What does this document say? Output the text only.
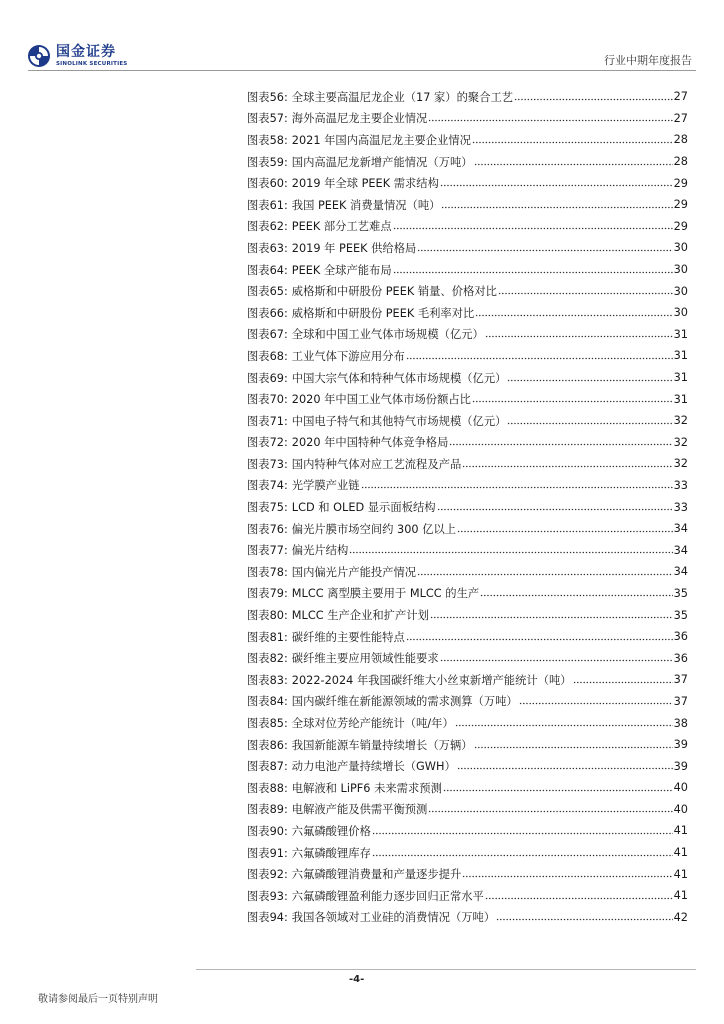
国金证券
SINOLINK SECURITIES	行业中期年度报告
图表56: 全球主要高温尼龙企业（17 家）的聚合工艺	27
图表57: 海外高温尼龙主要企业情况	27
图表58: 2021 年国内高温尼龙主要企业情况	28
图表59: 国内高温尼龙新增产能情况（万吨）	28
图表60: 2019 年全球 PEEK 需求结构	29
图表61: 我国 PEEK 消费量情况（吨）	29
图表62: PEEK 部分工艺难点	29
图表63: 2019 年 PEEK 供给格局	30
图表64: PEEK 全球产能布局	30
图表65: 威格斯和中研股份 PEEK 销量、价格对比	30
图表66: 威格斯和中研股份 PEEK 毛利率对比	30
图表67: 全球和中国工业气体市场规模（亿元）	31
图表68: 工业气体下游应用分布	31
图表69: 中国大宗气体和特种气体市场规模（亿元）	31
图表70: 2020 年中国工业气体市场份额占比	31
图表71: 中国电子特气和其他特气市场规模（亿元）	32
图表72: 2020 年中国特种气体竞争格局	32
图表73: 国内特种气体对应工艺流程及产品	32
图表74: 光学膜产业链	33
图表75: LCD 和 OLED 显示面板结构	33
图表76: 偏光片膜市场空间约 300 亿以上	34
图表77: 偏光片结构	34
图表78: 国内偏光片产能投产情况	34
图表79: MLCC 离型膜主要用于 MLCC 的生产	35
图表80: MLCC 生产企业和扩产计划	35
图表81: 碳纤维的主要性能特点	36
图表82: 碳纤维主要应用领域性能要求	36
图表83: 2022-2024 年我国碳纤维大小丝束新增产能统计（吨）	37
图表84: 国内碳纤维在新能源领域的需求测算（万吨）	37
图表85: 全球对位芳纶产能统计（吨/年）	38
图表86: 我国新能源车销量持续增长（万辆）	39
图表87: 动力电池产量持续增长（GWH）	39
图表88: 电解液和 LiPF6 未来需求预测	40
图表89: 电解液产能及供需平衡预测	40
图表90: 六氟磷酸锂价格	41
图表91: 六氟磷酸锂库存	41
图表92: 六氟磷酸锂消费量和产量逐步提升	41
图表93: 六氟磷酸锂盈利能力逐步回归正常水平	41
图表94: 我国各领域对工业硅的消费情况（万吨）	42
-4-
敬请参阅最后一页特别声明
